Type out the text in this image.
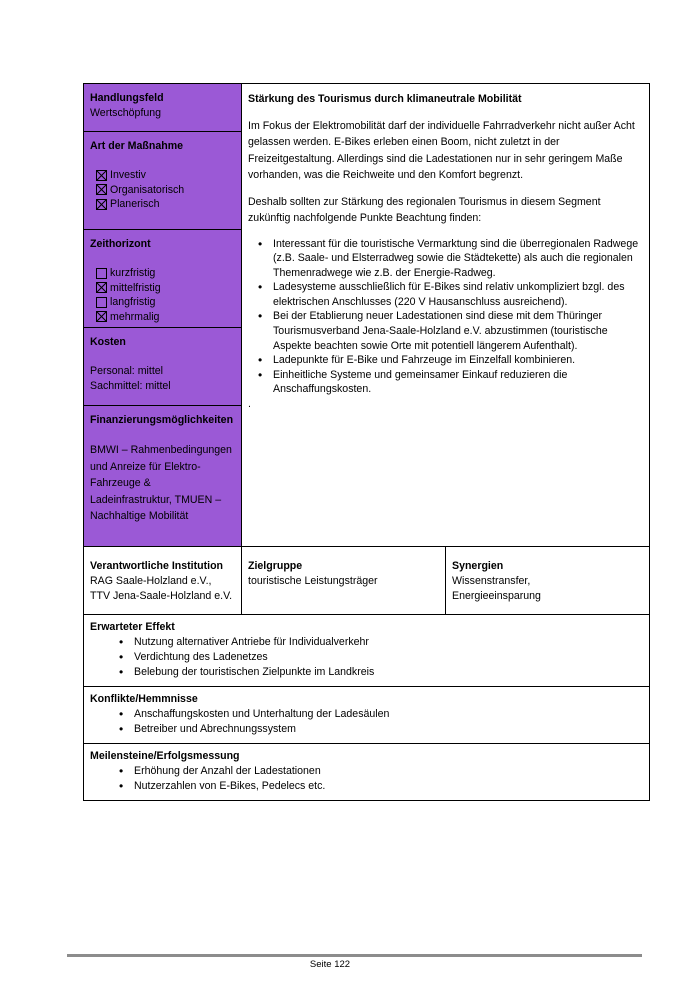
Handlungsfeld
Wertschöpfung
Art der Maßnahme
Investiv
Organisatorisch
Planerisch
Zeithorizont
kurzfristig
mittelfristig
langfristig
mehrmalig
Kosten
Personal: mittel
Sachmittel: mittel
Finanzierungsmöglichkeiten
BMWI – Rahmenbedingungen
und Anreize für Elektro-
Fahrzeuge &
Ladeinfrastruktur, TMUEN –
Nachhaltige Mobilität

Stärkung des Tourismus durch klimaneutrale Mobilität

Im Fokus der Elektromobilität darf der individuelle Fahrradverkehr nicht außer Acht gelassen werden. E-Bikes erleben einen Boom, nicht zuletzt in der Freizeitgestaltung. Allerdings sind die Ladestationen nur in sehr geringem Maße vorhanden, was die Reichweite und den Komfort begrenzt.

Deshalb sollten zur Stärkung des regionalen Tourismus in diesem Segment zukünftig nachfolgende Punkte Beachtung finden:

• Interessant für die touristische Vermarktung sind die überregionalen Radwege (z.B. Saale- und Elsterradweg sowie die Städtekette) als auch die regionalen Themenradwege wie z.B. der Energie-Radweg.
• Ladesysteme ausschließlich für E-Bikes sind relativ unkompliziert bzgl. des elektrischen Anschlusses (220 V Hausanschluss ausreichend).
• Bei der Etablierung neuer Ladestationen sind diese mit dem Thüringer Tourismusverband Jena-Saale-Holzland e.V. abzustimmen (touristische Aspekte beachten sowie Orte mit potentiell längerem Aufenthalt).
• Ladepunkte für E-Bike und Fahrzeuge im Einzelfall kombinieren.
• Einheitliche Systeme und gemeinsamer Einkauf reduzieren die Anschaffungskosten.

.

Verantwortliche Institution
RAG Saale-Holzland e.V.,
TTV Jena-Saale-Holzland e.V.
Zielgruppe
touristische Leistungsträger
Synergien
Wissenstransfer,
Energieeinsparung
Erwarteter Effekt
• Nutzung alternativer Antriebe für Individualverkehr
• Verdichtung des Ladenetzes
• Belebung der touristischen Zielpunkte im Landkreis
Konflikte/Hemmnisse
• Anschaffungskosten und Unterhaltung der Ladesäulen
• Betreiber und Abrechnungssystem
Meilensteine/Erfolgsmessung
• Erhöhung der Anzahl der Ladestationen
• Nutzerzahlen von E-Bikes, Pedelecs etc.
Seite 122
